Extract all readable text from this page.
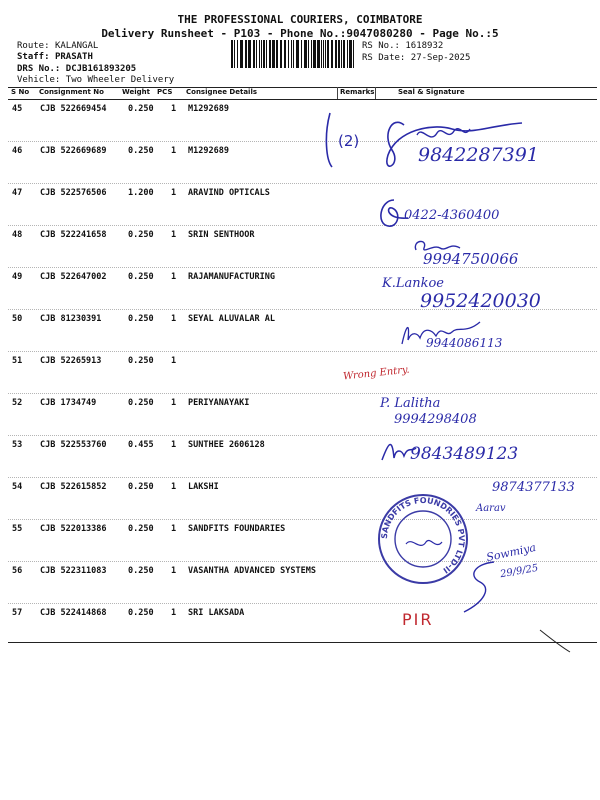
THE PROFESSIONAL COURIERS, COIMBATORE
Delivery Runsheet - P103 - Phone No.:9047080280 - Page No.:5
Route: KALANGAL
Staff: PRASATH
DRS No.: DCJB161893205
Vehicle: Two Wheeler Delivery
RS No.: 1618932
RS Date: 27-Sep-2025
S No Consignment No	Weight PCS Consignee Details	Remarks	Seal & Signature
45 CJB 522669454	0.250 1 M1292689
46 CJB 522669689	0.250 1 M1292689
47 CJB 522576506	1.200 1 ARAVIND OPTICALS
48 CJB 522241658	0.250 1 SRIN SENTHOOR
49 CJB 522647002	0.250 1 RAJAMANUFACTURING
50 CJB 81230391	0.250 1 SEYAL ALUVALAR AL
51 CJB 52265913	0.250 1
52 CJB 1734749	0.250 1 PERIYANAYAKI
53 CJB 522553760	0.455 1 SUNTHEE 2606128
54 CJB 522615852	0.250 1 LAKSHI
55 CJB 522013386	0.250 1 SANDFITS FOUNDARIES
56 CJB 522311083	0.250 1 VASANTHA ADVANCED SYSTEMS
57 CJB 522414868	0.250 1 SRI LAKSADA
(2)
9842287391
0422-4360400
9994750066
K.Lankoe
9952420030
9944086113
Wrong Entry.
P. Lalitha
9994298408
9843489123
9874377133
Aarav
SANDFITS FOUNDRIES PVT LTD-II
Sowmiya
29/9/25
PIR
